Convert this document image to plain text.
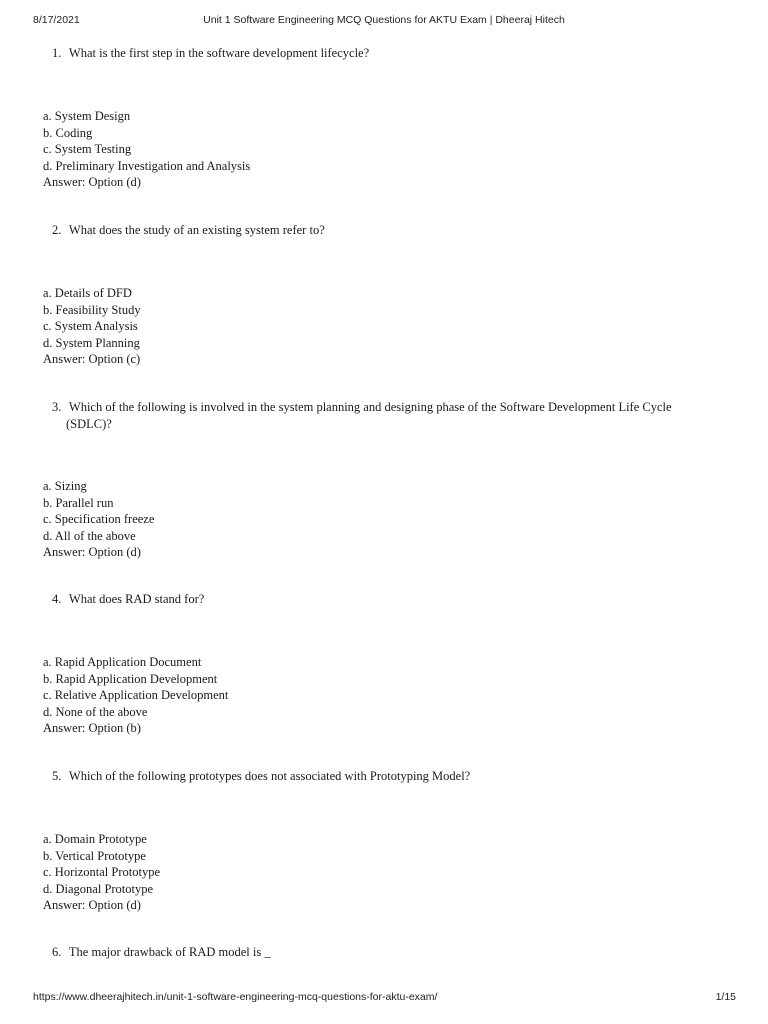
8/17/2021	Unit 1 Software Engineering MCQ Questions for AKTU Exam | Dheeraj Hitech
1. What is the first step in the software development lifecycle?
a. System Design
b. Coding
c. System Testing
d. Preliminary Investigation and Analysis
Answer: Option (d)
2. What does the study of an existing system refer to?
a. Details of DFD
b. Feasibility Study
c. System Analysis
d. System Planning
Answer: Option (c)
3. Which of the following is involved in the system planning and designing phase of the Software Development Life Cycle
(SDLC)?
a. Sizing
b. Parallel run
c. Specification freeze
d. All of the above
Answer: Option (d)
4. What does RAD stand for?
a. Rapid Application Document
b. Rapid Application Development
c. Relative Application Development
d. None of the above
Answer: Option (b)
5. Which of the following prototypes does not associated with Prototyping Model?
a. Domain Prototype
b. Vertical Prototype
c. Horizontal Prototype
d. Diagonal Prototype
Answer: Option (d)
6. The major drawback of RAD model is _
https://www.dheerajhitech.in/unit-1-software-engineering-mcq-questions-for-aktu-exam/	1/15
